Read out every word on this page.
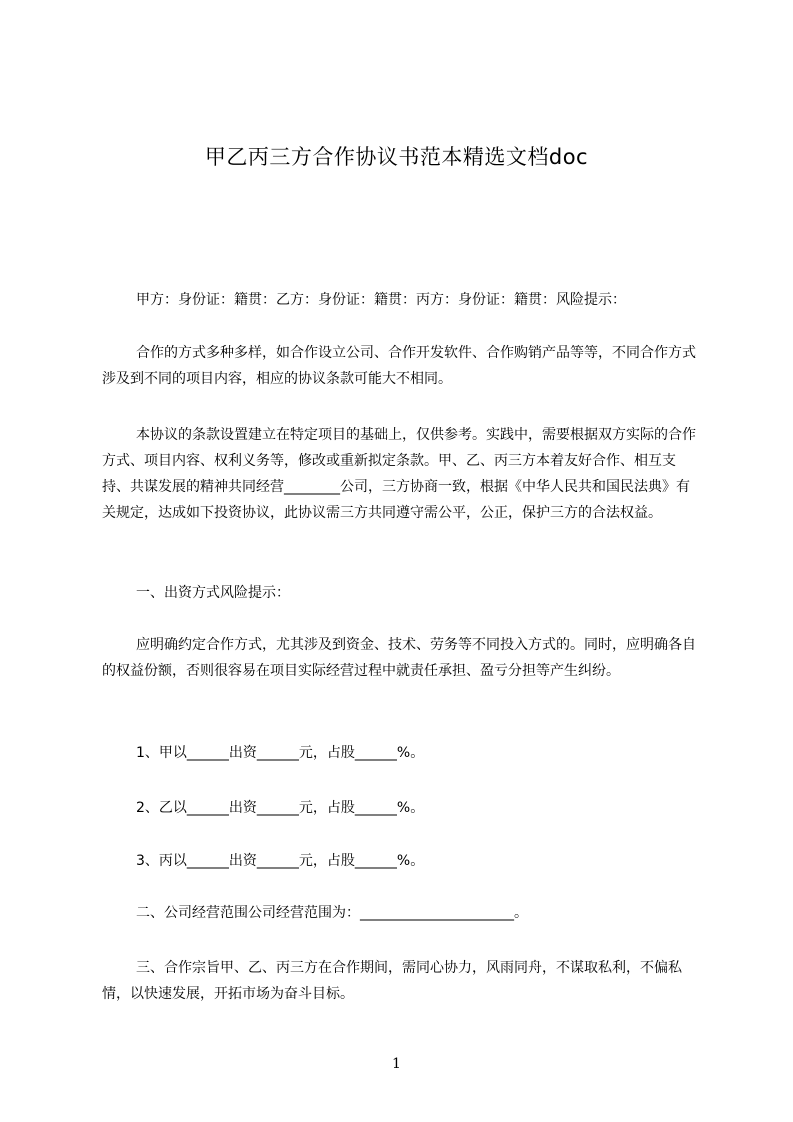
甲乙丙三方合作协议书范本精选文档doc

甲方：身份证：籍贯：乙方：身份证：籍贯：丙方：身份证：籍贯：风险提示：

合作的方式多种多样，如合作设立公司、合作开发软件、合作购销产品等等，不同合作方式涉及到不同的项目内容，相应的协议条款可能大不相同。

本协议的条款设置建立在特定项目的基础上，仅供参考。实践中，需要根据双方实际的合作方式、项目内容、权利义务等，修改或重新拟定条款。甲、乙、丙三方本着友好合作、相互支持、共谋发展的精神共同经营________公司，三方协商一致，根据《中华人民共和国民法典》有关规定，达成如下投资协议，此协议需三方共同遵守需公平，公正，保护三方的合法权益。

一、出资方式风险提示：

应明确约定合作方式，尤其涉及到资金、技术、劳务等不同投入方式的。同时，应明确各自的权益份额，否则很容易在项目实际经营过程中就责任承担、盈亏分担等产生纠纷。

1、甲以______出资______元，占股______%。

2、乙以______出资______元，占股______%。

3、丙以______出资______元，占股______%。

二、公司经营范围公司经营范围为：______________________。

三、合作宗旨甲、乙、丙三方在合作期间，需同心协力，风雨同舟，不谋取私利，不偏私情，以快速发展，开拓市场为奋斗目标。

1
